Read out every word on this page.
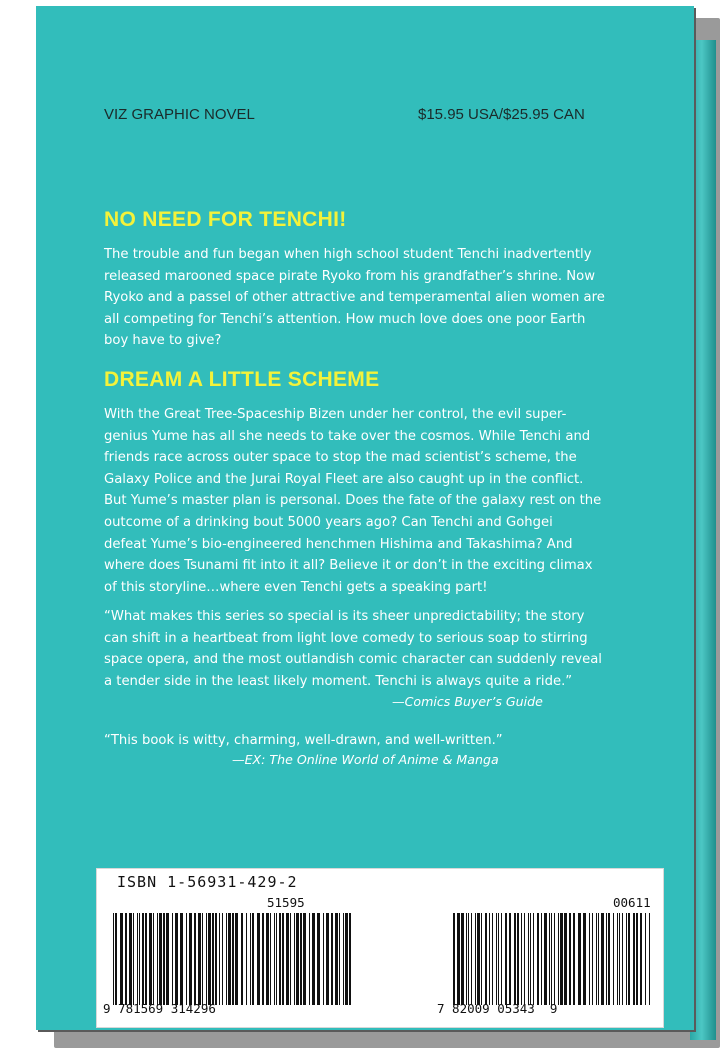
VIZ GRAPHIC NOVEL	$15.95 USA/$25.95 CAN
NO NEED FOR TENCHI!
The trouble and fun began when high school student Tenchi inadvertently
released marooned space pirate Ryoko from his grandfather’s shrine. Now
Ryoko and a passel of other attractive and temperamental alien women are
all competing for Tenchi’s attention. How much love does one poor Earth
boy have to give?
DREAM A LITTLE SCHEME
With the Great Tree-Spaceship Bizen under her control, the evil super-
genius Yume has all she needs to take over the cosmos. While Tenchi and
friends race across outer space to stop the mad scientist’s scheme, the
Galaxy Police and the Jurai Royal Fleet are also caught up in the conflict.
But Yume’s master plan is personal. Does the fate of the galaxy rest on the
outcome of a drinking bout 5000 years ago? Can Tenchi and Gohgei
defeat Yume’s bio-engineered henchmen Hishima and Takashima? And
where does Tsunami fit into it all? Believe it or don’t in the exciting climax
of this storyline…where even Tenchi gets a speaking part!
“What makes this series so special is its sheer unpredictability; the story
can shift in a heartbeat from light love comedy to serious soap to stirring
space opera, and the most outlandish comic character can suddenly reveal
a tender side in the least likely moment. Tenchi is always quite a ride.”
—Comics Buyer’s Guide
“This book is witty, charming, well-drawn, and well-written.”
—EX: The Online World of Anime & Manga
ISBN 1-56931-429-2
51595
9 781569 314296
00611
7 82009 05343  9
